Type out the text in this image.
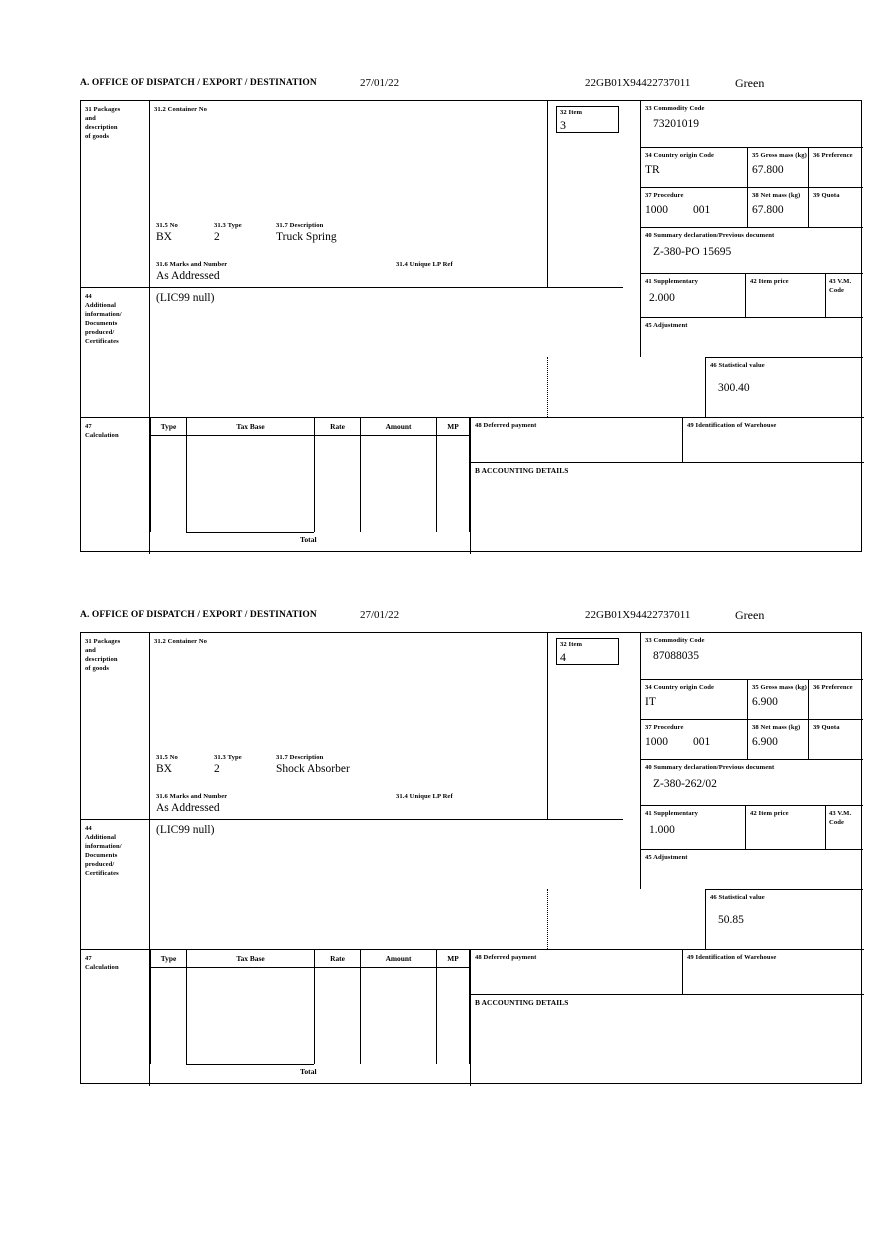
A. OFFICE OF DISPATCH / EXPORT / DESTINATION	27/01/22	22GB01X94422737011	Green
31 Packages
and
description
of goods
31.2 Container No
31.5 No
BX
31.3 Type
2
31.7 Description
Truck Spring
31.6 Marks and Number	31.4 Unique LP Ref
As Addressed
32 Item
3
33 Commodity Code
73201019
34 Country origin Code
TR
35 Gross mass (kg)
67.800
36 Preference
37 Procedure
1000 001
38 Net mass (kg)
67.800
39 Quota
40 Summary declaration/Previous document
Z-380-PO 15695
41 Supplementary
2.000
42 Item price	43 V.M. Code
45 Adjustment
46 Statistical value
300.40
44
Additional
information/
Documents
produced/
Certificates
(LIC99 null)
47
Calculation
Type	Tax Base	Rate	Amount	MP
Total
48 Deferred payment	49 Identification of Warehouse
B ACCOUNTING DETAILS
A. OFFICE OF DISPATCH / EXPORT / DESTINATION	27/01/22	22GB01X94422737011	Green
31 Packages
and
description
of goods
31.2 Container No
31.5 No
BX
31.3 Type
2
31.7 Description
Shock Absorber
31.6 Marks and Number	31.4 Unique LP Ref
As Addressed
32 Item
4
33 Commodity Code
87088035
34 Country origin Code
IT
35 Gross mass (kg)
6.900
36 Preference
37 Procedure
1000 001
38 Net mass (kg)
6.900
39 Quota
40 Summary declaration/Previous document
Z-380-262/02
41 Supplementary
1.000
42 Item price	43 V.M. Code
45 Adjustment
46 Statistical value
50.85
44
Additional
information/
Documents
produced/
Certificates
(LIC99 null)
47
Calculation
Type	Tax Base	Rate	Amount	MP
Total
48 Deferred payment	49 Identification of Warehouse
B ACCOUNTING DETAILS
